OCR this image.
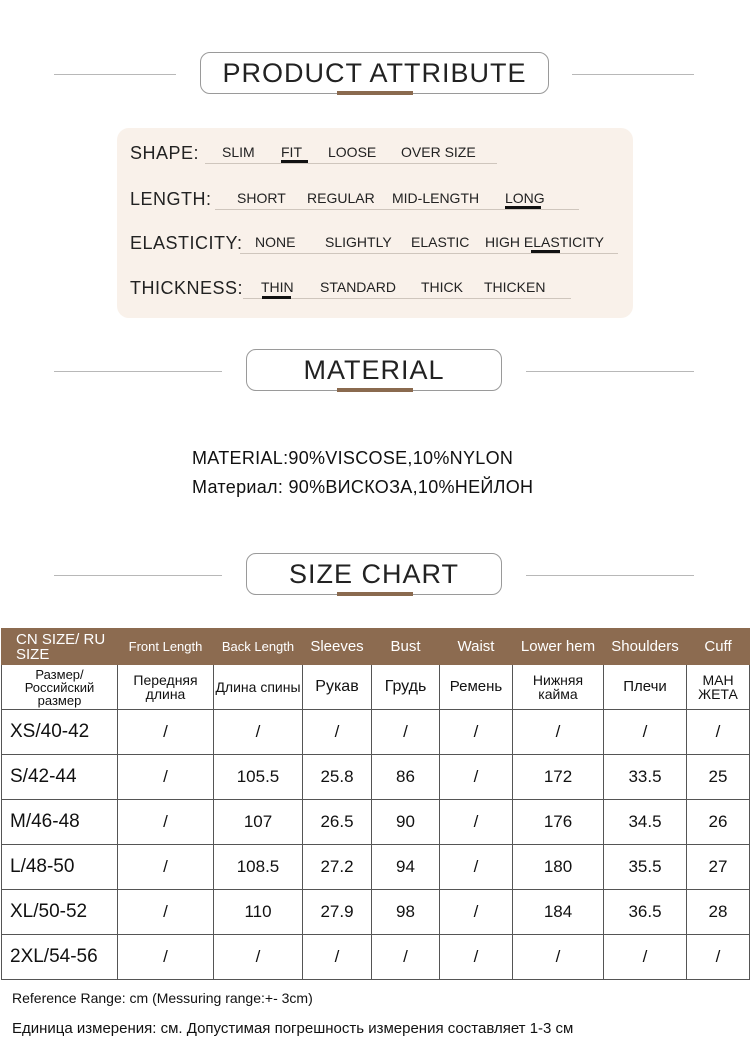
PRODUCT ATTRIBUTE
SHAPE: SLIM FIT LOOSE OVER SIZE
LENGTH: SHORT REGULAR MID-LENGTH LONG
ELASTICITY: NONE SLIGHTLY ELASTIC HIGH ELASTICITY
THICKNESS: THIN STANDARD THICK THICKEN
MATERIAL
MATERIAL:90%VISCOSE,10%NYLON
Материал: 90%ВИСКОЗА,10%НЕЙЛОН
SIZE CHART
CN SIZE/ RU SIZE	Front Length	Back Length	Sleeves	Bust	Waist	Lower hem	Shoulders	Cuff
Размер/ Российский размер	Передняя длина	Длина спины	Рукав	Грудь	Ремень	Нижняя кайма	Плечи	МАН ЖЕТА
XS/40-42	/	/	/	/	/	/	/	/
S/42-44	/	105.5	25.8	86	/	172	33.5	25
M/46-48	/	107	26.5	90	/	176	34.5	26
L/48-50	/	108.5	27.2	94	/	180	35.5	27
XL/50-52	/	110	27.9	98	/	184	36.5	28
2XL/54-56	/	/	/	/	/	/	/	/
Reference Range: cm (Messuring range:+- 3cm)
Единица измерения: см. Допустимая погрешность измерения составляет 1-3 см
